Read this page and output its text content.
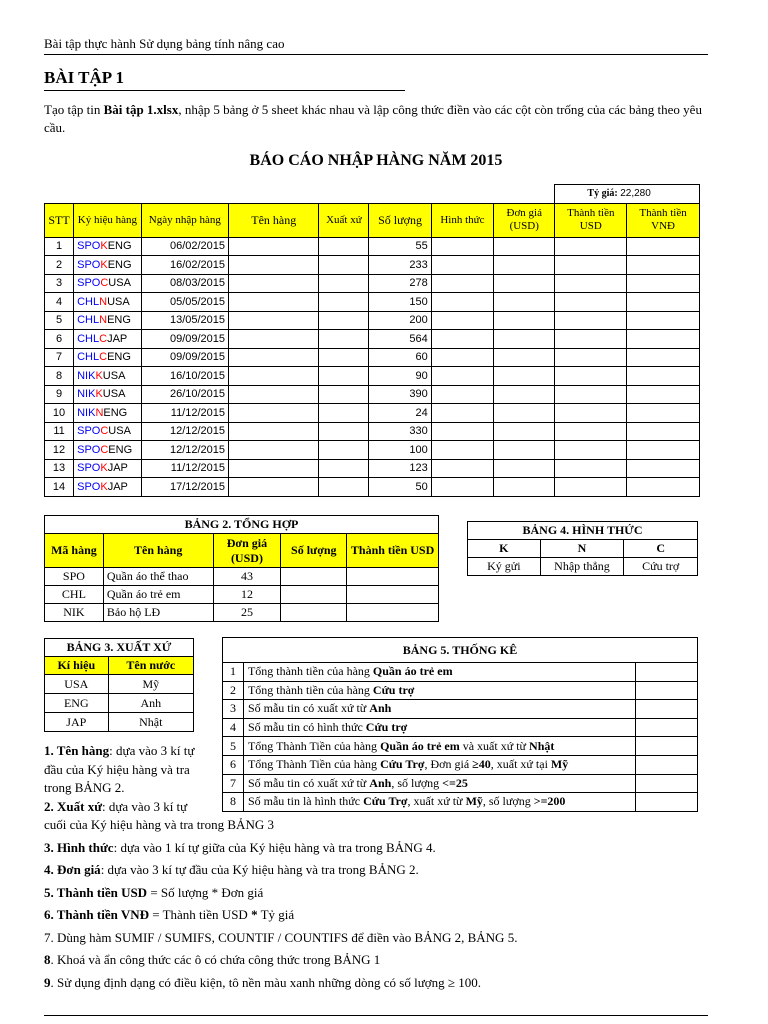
Bài tập thực hành Sử dụng bảng tính nâng cao
BÀI TẬP 1
Tạo tập tin Bài tập 1.xlsx, nhập 5 bảng ở 5 sheet khác nhau và lập công thức điền vào các cột còn trống của các bảng theo yêu cầu.
BÁO CÁO NHẬP HÀNG NĂM 2015
								Tỷ giá: 22,280	
STT	Ký hiệu hàng	Ngày nhập hàng	Tên hàng	Xuất xứ	Số lượng	Hình thức	Đơn giá (USD)	Thành tiền USD	Thành tiền VNĐ
1	SPOKENG	06/02/2015			55				
2	SPOKENG	16/02/2015			233				
3	SPOCUSA	08/03/2015			278				
4	CHLNUSA	05/05/2015			150				
5	CHLNENG	13/05/2015			200				
6	CHLCJAP	09/09/2015			564				
7	CHLCENG	09/09/2015			60				
8	NIKKUSA	16/10/2015			90				
9	NIKKUSA	26/10/2015			390				
10	NIKNENG	11/12/2015			24				
11	SPOCUSA	12/12/2015			330				
12	SPOCENG	12/12/2015			100				
13	SPOKJAP	11/12/2015			123				
14	SPOKJAP	17/12/2015			50				
BẢNG 2. TỔNG HỢP				
Mã hàng	Tên hàng	Đơn giá (USD)	Số lượng	Thành tiền USD
SPO	Quần áo thể thao	43		
CHL	Quần áo trẻ em	12		
NIK	Bảo hộ LĐ	25		
BẢNG 4. HÌNH THỨC		
K	N	C
Ký gửi	Nhập thẳng	Cứu trợ
BẢNG 3. XUẤT XỨ	
Kí hiệu	Tên nước
USA	Mỹ
ENG	Anh
JAP	Nhật
BẢNG 5. THỐNG KÊ		
1	Tổng thành tiền của hàng Quần áo trẻ em	
2	Tổng thành tiền của hàng Cứu trợ	
3	Số mẫu tin có xuất xứ từ Anh	
4	Số mẫu tin có hình thức Cứu trợ	
5	Tổng Thành Tiền của hàng Quần áo trẻ em và xuất xứ từ Nhật	
6	Tổng Thành Tiền của hàng Cứu Trợ, Đơn giá ≥40, xuất xứ tại Mỹ	
7	Số mẫu tin có xuất xứ từ Anh, số lượng <=25	
8	Số mẫu tin là hình thức Cứu Trợ, xuất xứ từ Mỹ, số lượng >=200	

1. Tên hàng: dựa vào 3 kí tự

đầu của Ký hiệu hàng và tra

trong BẢNG 2.

2. Xuất xứ: dựa vào 3 kí tự

cuối của Ký hiệu hàng và tra trong BẢNG 3

3. Hình thức: dựa vào 1 kí tự giữa của Ký hiệu hàng và tra trong BẢNG 4.

4. Đơn giá: dựa vào 3 kí tự đầu của Ký hiệu hàng và tra trong BẢNG 2.

5. Thành tiền USD = Số lượng * Đơn giá

6. Thành tiền VNĐ = Thành tiền USD * Tỷ giá

7. Dùng hàm SUMIF / SUMIFS, COUNTIF / COUNTIFS để điền vào BẢNG 2, BẢNG 5.

8. Khoá và ẩn công thức các ô có chứa công thức trong BẢNG 1

9. Sử dụng định dạng có điều kiện, tô nền màu xanh những dòng có số lượng ≥ 100.
